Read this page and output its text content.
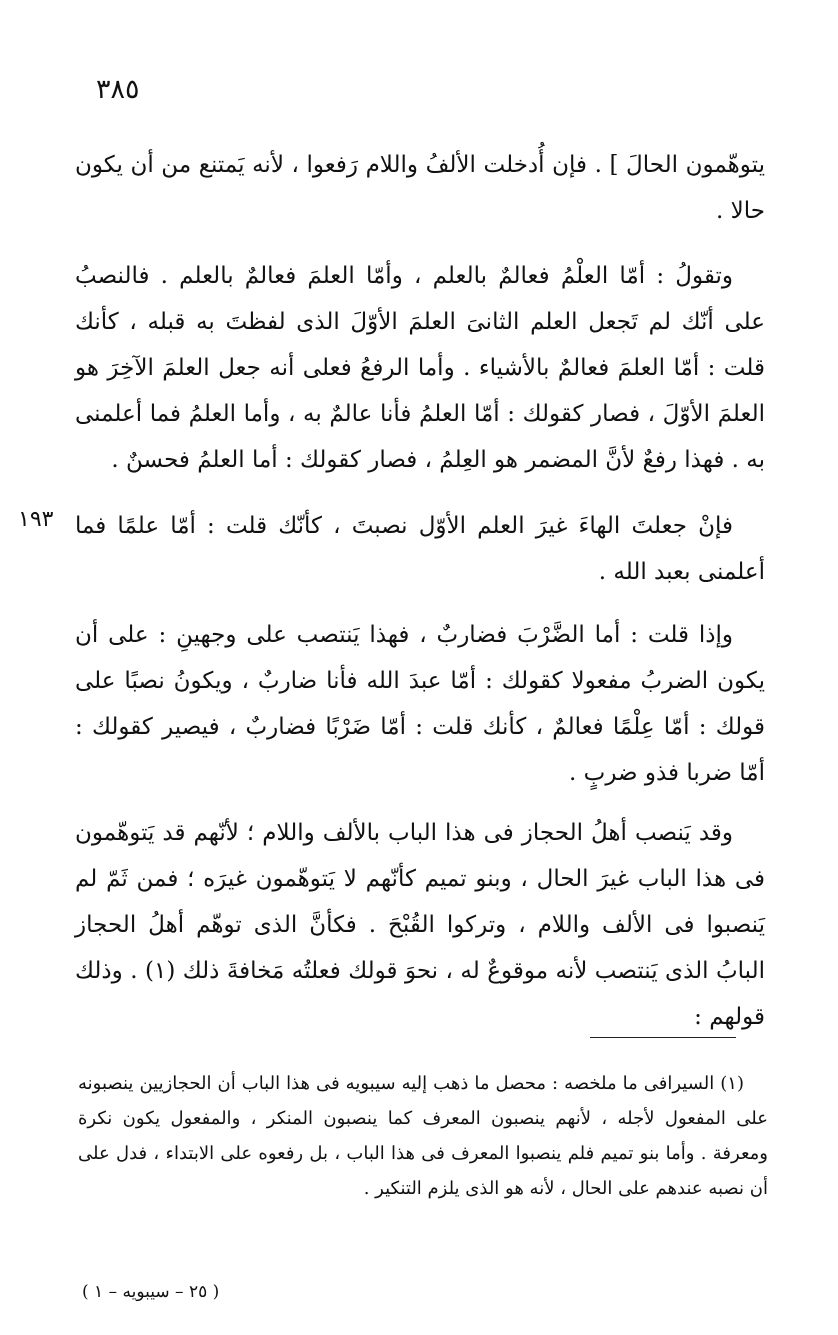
٣٨٥

يتوهّمون الحالَ ] . فإن أُدخلت الألفُ واللام رَفعوا ، لأنه يَمتنع من أن يكون حالا .

وتقولُ : أمّا العلْمُ فعالمٌ بالعلم ، وأمّا العلمَ فعالمٌ بالعلم . فالنصبُ على أنّك لم تَجعل العلم الثانىَ العلمَ الأوّلَ الذى لفظتَ به قبله ، كأنك قلت : أمّا العلمَ فعالمٌ بالأشياء . وأما الرفعُ فعلى أنه جعل العلمَ الآخِرَ هو العلمَ الأوّلَ ، فصار كقولك : أمّا العلمُ فأنا عالمٌ به ، وأما العلمُ فما أعلمنى به . فهذا رفعٌ لأنَّ المضمر هو العِلمُ ، فصار كقولك : أما العلمُ فحسنٌ .

١٩٣ فإنْ جعلتَ الهاءَ غيرَ العلم الأوّل نصبتَ ، كأنّك قلت : أمّا علمًا فما أعلمنى بعبد الله .

وإذا قلت : أما الضَّرْبَ فضاربٌ ، فهذا يَنتصب على وجهينِ : على أن يكون الضربُ مفعولا كقولك : أمّا عبدَ الله فأنا ضاربٌ ، ويكونُ نصبًا على قولك : أمّا عِلْمًا فعالمٌ ، كأنك قلت : أمّا ضَرْبًا فضاربٌ ، فيصير كقولك : أمّا ضربا فذو ضربٍ .

وقد يَنصب أهلُ الحجاز فى هذا الباب بالألف واللام ؛ لأنّهم قد يَتوهّمون فى هذا الباب غيرَ الحال ، وبنو تميم كأنّهم لا يَتوهّمون غيرَه ؛ فمن ثَمّ لم يَنصبوا فى الألف واللام ، وتركوا القُبْحَ . فكأنَّ الذى توهّم أهلُ الحجاز البابُ الذى يَنتصب لأنه موقوعٌ له ، نحوَ قولك فعلتُه مَخافةَ ذلك (١) . وذلك قولهم :

(١) السيرافى ما ملخصه : محصل ما ذهب إليه سيبويه فى هذا الباب أن الحجازيين ينصبونه على المفعول لأجله ، لأنهم ينصبون المعرف كما ينصبون المنكر ، والمفعول يكون نكرة ومعرفة . وأما بنو تميم فلم ينصبوا المعرف فى هذا الباب ، بل رفعوه على الابتداء ، فدل على أن نصبه عندهم على الحال ، لأنه هو الذى يلزم التنكير .

( ٢٥ – سيبويه – ١ )
